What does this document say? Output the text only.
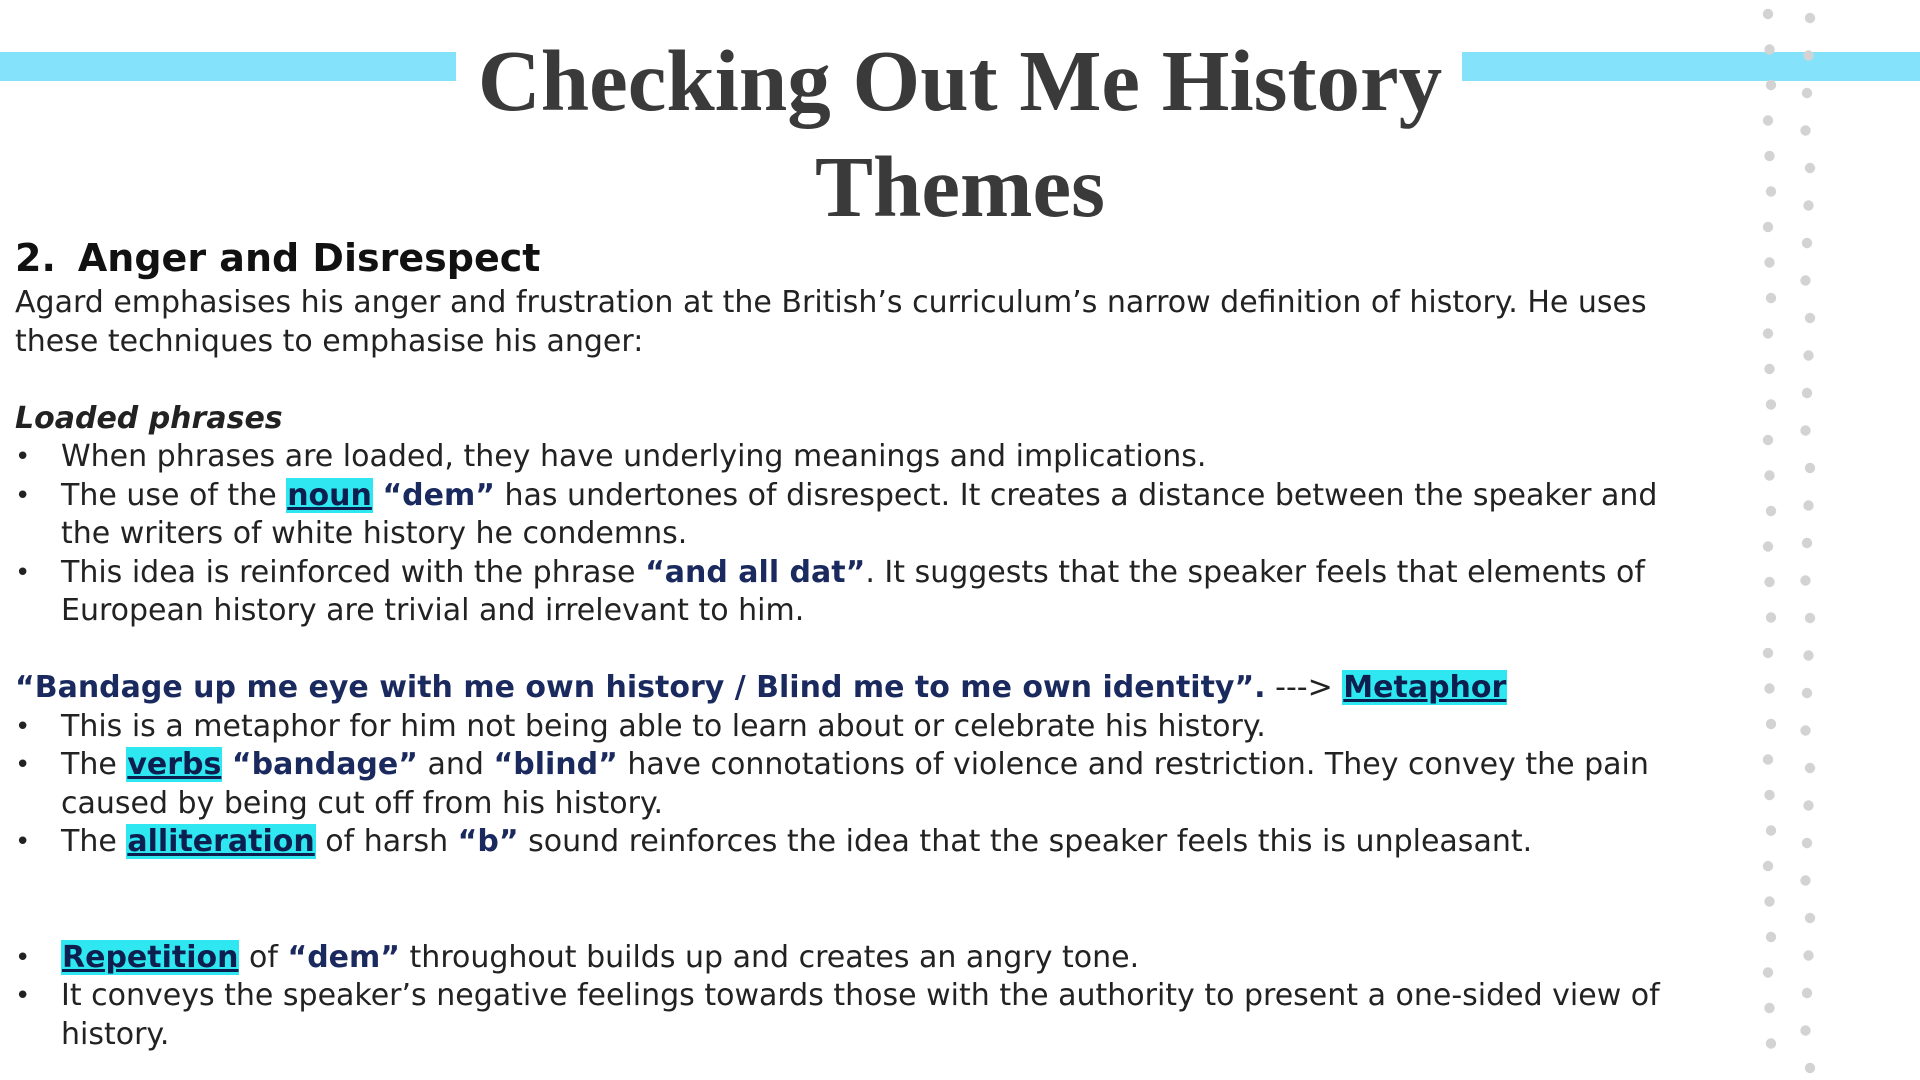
Checking Out Me History
Themes
2. Anger and Disrespect

Agard emphasises his anger and frustration at the British’s curriculum’s narrow definition of history. He uses these techniques to emphasise his anger:

Loaded phrases

• When phrases are loaded, they have underlying meanings and implications.
• The use of the noun “dem” has undertones of disrespect. It creates a distance between the speaker and the writers of white history he condemns.
• This idea is reinforced with the phrase “and all dat”. It suggests that the speaker feels that elements of European history are trivial and irrelevant to him.
“Bandage up me eye with me own history / Blind me to me own identity”. ---> Metaphor
• This is a metaphor for him not being able to learn about or celebrate his history.
• The verbs “bandage” and “blind” have connotations of violence and restriction. They convey the pain caused by being cut off from his history.
• The alliteration of harsh “b” sound reinforces the idea that the speaker feels this is unpleasant.
• Repetition of “dem” throughout builds up and creates an angry tone.
• It conveys the speaker’s negative feelings towards those with the authority to present a one-sided view of history.
